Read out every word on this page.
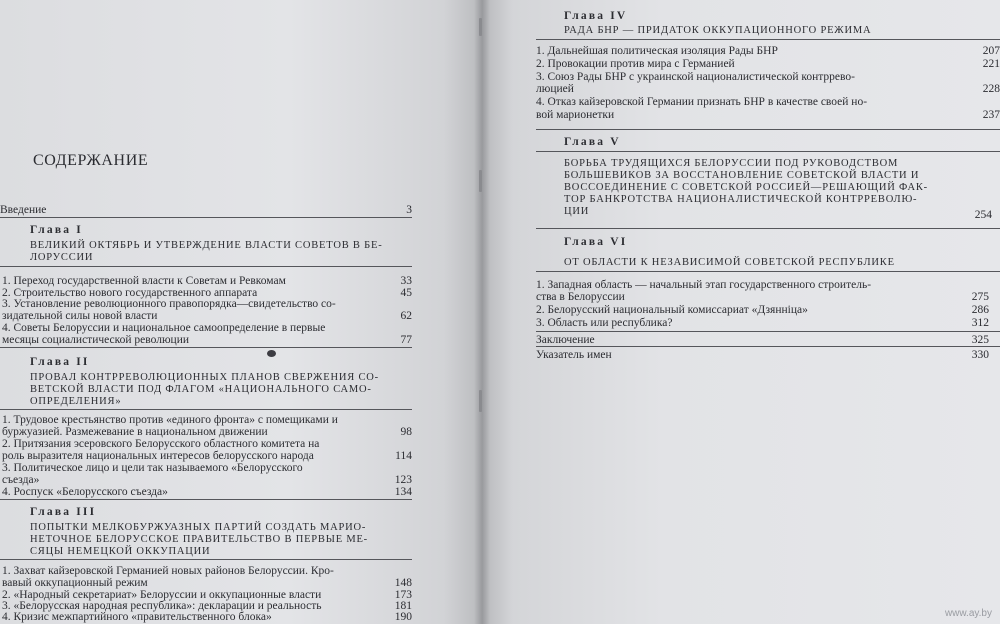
СОДЕРЖАНИЕ
Введение	3
Глава I
ВЕЛИКИЙ ОКТЯБРЬ И УТВЕРЖДЕНИЕ ВЛАСТИ СОВЕТОВ В БЕ-
ЛОРУССИИ
1. Переход государственной власти к Советам и Ревкомам	33
2. Строительство нового государственного аппарата	45
3. Установление революционного правопорядка—свидетельство со-
зидательной силы новой власти	62
4. Советы Белоруссии и национальное самоопределение в первые
месяцы социалистической революции	77
Глава II
ПРОВАЛ КОНТРРЕВОЛЮЦИОННЫХ ПЛАНОВ СВЕРЖЕНИЯ СО-
ВЕТСКОЙ ВЛАСТИ ПОД ФЛАГОМ «НАЦИОНАЛЬНОГО САМО-
ОПРЕДЕЛЕНИЯ»
1. Трудовое крестьянство против «единого фронта» с помещиками и
буржуазией. Размежевание в национальном движении	98
2. Притязания эсеровского Белорусского областного комитета на
роль выразителя национальных интересов белорусского народа	114
3. Политическое лицо и цели так называемого «Белорусского
съезда»	123
4. Роспуск «Белорусского съезда»	134
Глава III
ПОПЫТКИ МЕЛКОБУРЖУАЗНЫХ ПАРТИЙ СОЗДАТЬ МАРИО-
НЕТОЧНОЕ БЕЛОРУССКОЕ ПРАВИТЕЛЬСТВО В ПЕРВЫЕ МЕ-
СЯЦЫ НЕМЕЦКОЙ ОККУПАЦИИ
1. Захват кайзеровской Германией новых районов Белоруссии. Кро-
вавый оккупационный режим	148
2. «Народный секретариат» Белоруссии и оккупационные власти	173
3. «Белорусская народная республика»: декларации и реальность	181
4. Кризис межпартийного «правительственного блока»	190
Глава IV
РАДА БНР — ПРИДАТОК ОККУПАЦИОННОГО РЕЖИМА
1. Дальнейшая политическая изоляция Рады БНР	207
2. Провокации против мира с Германией	221
3. Союз Рады БНР с украинской националистической контррево-
люцией	228
4. Отказ кайзеровской Германии признать БНР в качестве своей но-
вой марионетки	237
Глава V
БОРЬБА ТРУДЯЩИХСЯ БЕЛОРУССИИ ПОД РУКОВОДСТВОМ
БОЛЬШЕВИКОВ ЗА ВОССТАНОВЛЕНИЕ СОВЕТСКОЙ ВЛАСТИ И
ВОССОЕДИНЕНИЕ С СОВЕТСКОЙ РОССИЕЙ—РЕШАЮЩИЙ ФАК-
ТОР БАНКРОТСТВА НАЦИОНАЛИСТИЧЕСКОЙ КОНТРРЕВОЛЮ-
ЦИИ	254
Глава VI
ОТ ОБЛАСТИ К НЕЗАВИСИМОЙ СОВЕТСКОЙ РЕСПУБЛИКЕ
1. Западная область — начальный этап государственного строитель-
ства в Белоруссии	275
2. Белорусский национальный комиссариат «Дзянніца»	286
3. Область или республика?	312
Заключение	325
Указатель имен	330
www.ay.by
